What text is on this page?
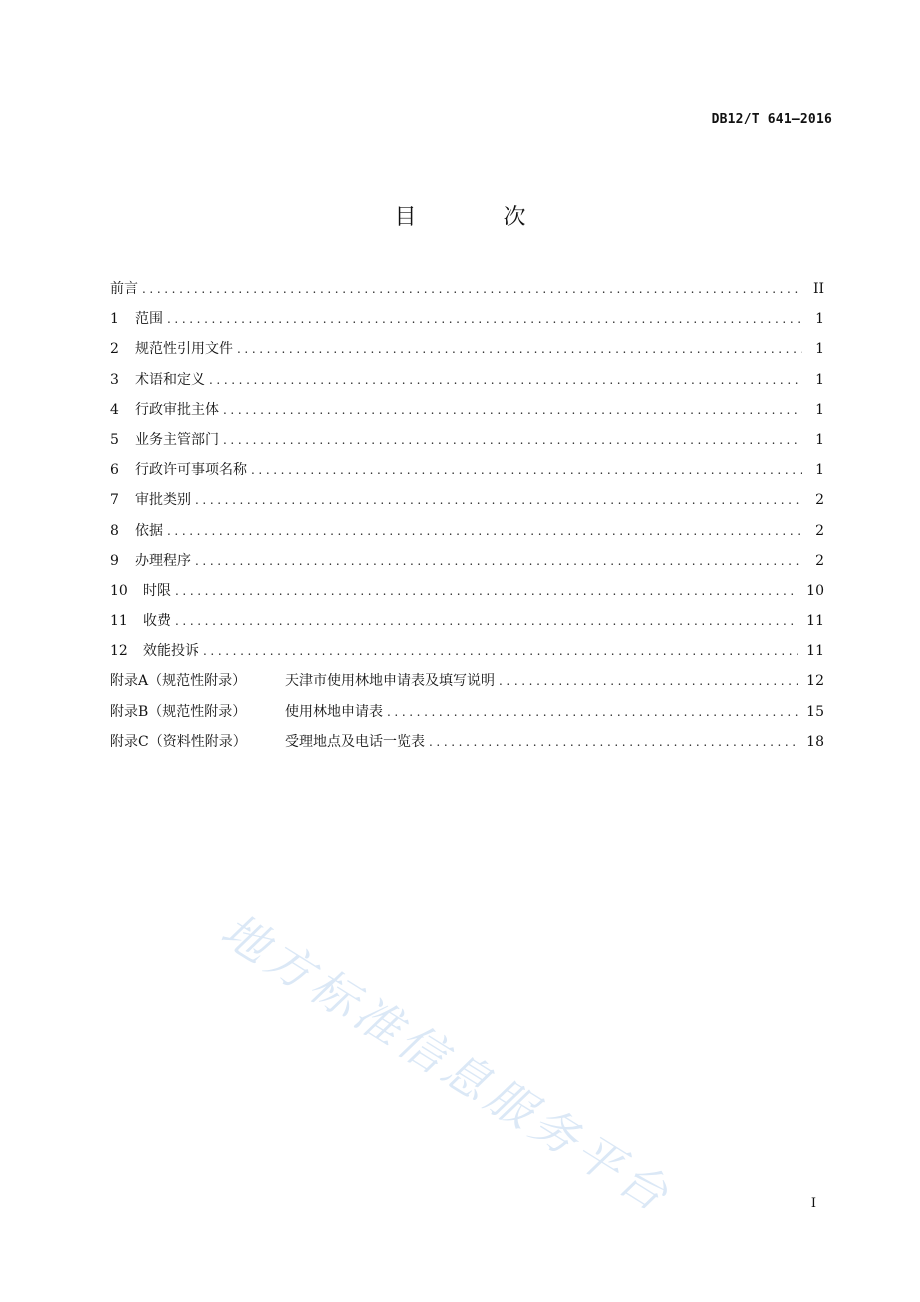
DB12/T 641—2016
目 次
前言 .....	II
1	范围 .....	1
2	规范性引用文件 .....	1
3	术语和定义 .....	1
4	行政审批主体 .....	1
5	业务主管部门 .....	1
6	行政许可事项名称 .....	1
7	审批类别 .....	2
8	依据 .....	2
9	办理程序 .....	2
10	时限 .....	10
11	收费 .....	11
12	效能投诉 .....	11
附录A（规范性附录）	天津市使用林地申请表及填写说明 .....	12
附录B（规范性附录）	使用林地申请表 .....	15
附录C（资料性附录）	受理地点及电话一览表 .....	18
地方标准信息服务平台	I
